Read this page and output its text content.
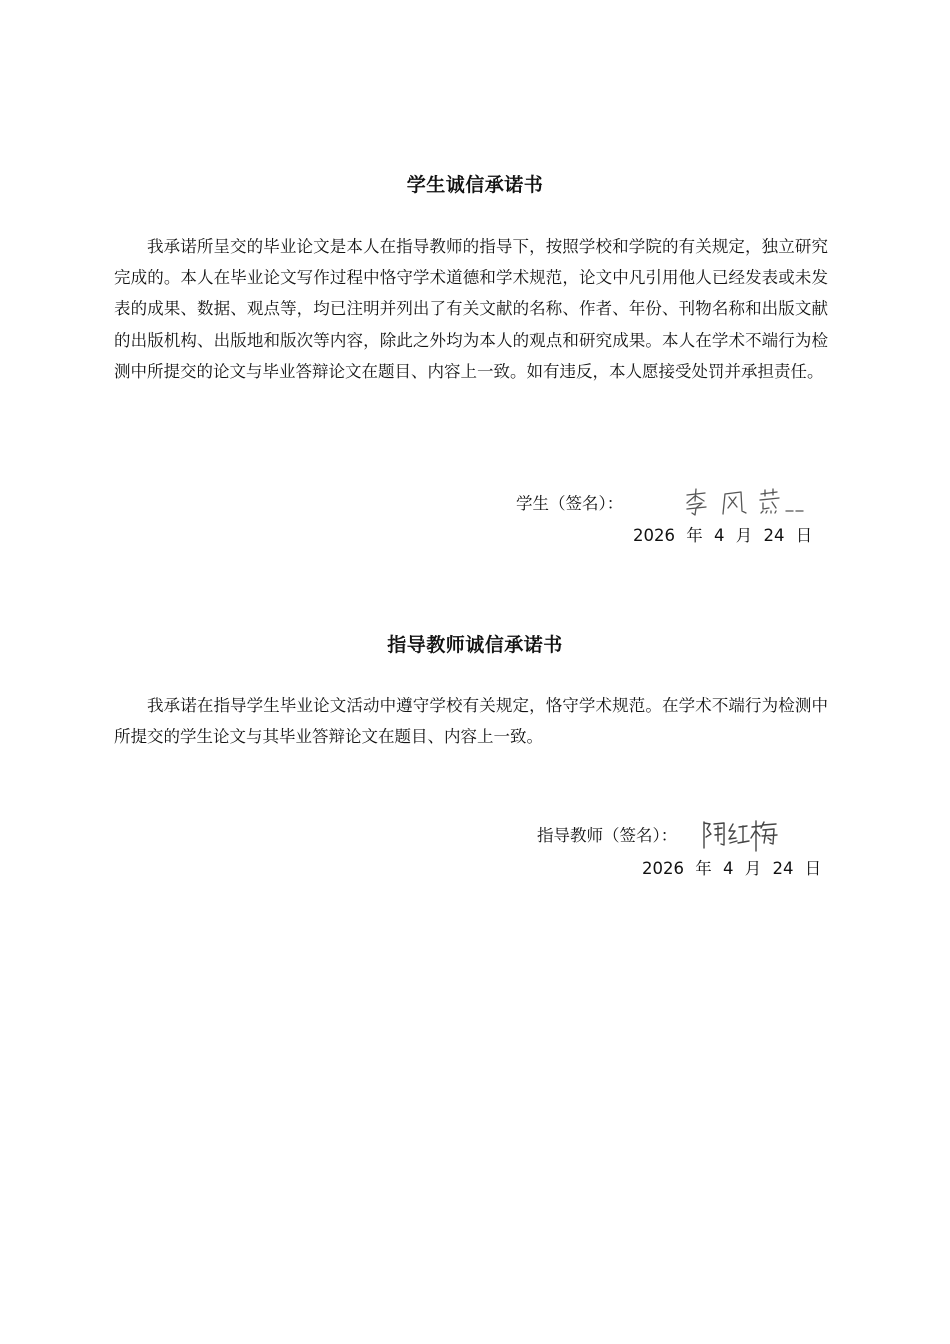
学生诚信承诺书

我承诺所呈交的毕业论文是本人在指导教师的指导下，按照学校和学院的有关规定，独立研究完成的。本人在毕业论文写作过程中恪守学术道德和学术规范，论文中凡引用他人已经发表或未发表的成果、数据、观点等，均已注明并列出了有关文献的名称、作者、年份、刊物名称和出版文献的出版机构、出版地和版次等内容，除此之外均为本人的观点和研究成果。本人在学术不端行为检测中所提交的论文与毕业答辩论文在题目、内容上一致。如有违反，本人愿接受处罚并承担责任。

学生（签名）：
2026 年 4 月 24 日
指导教师诚信承诺书

我承诺在指导学生毕业论文活动中遵守学校有关规定，恪守学术规范。在学术不端行为检测中所提交的学生论文与其毕业答辩论文在题目、内容上一致。

指导教师（签名）：
2026 年 4 月 24 日
